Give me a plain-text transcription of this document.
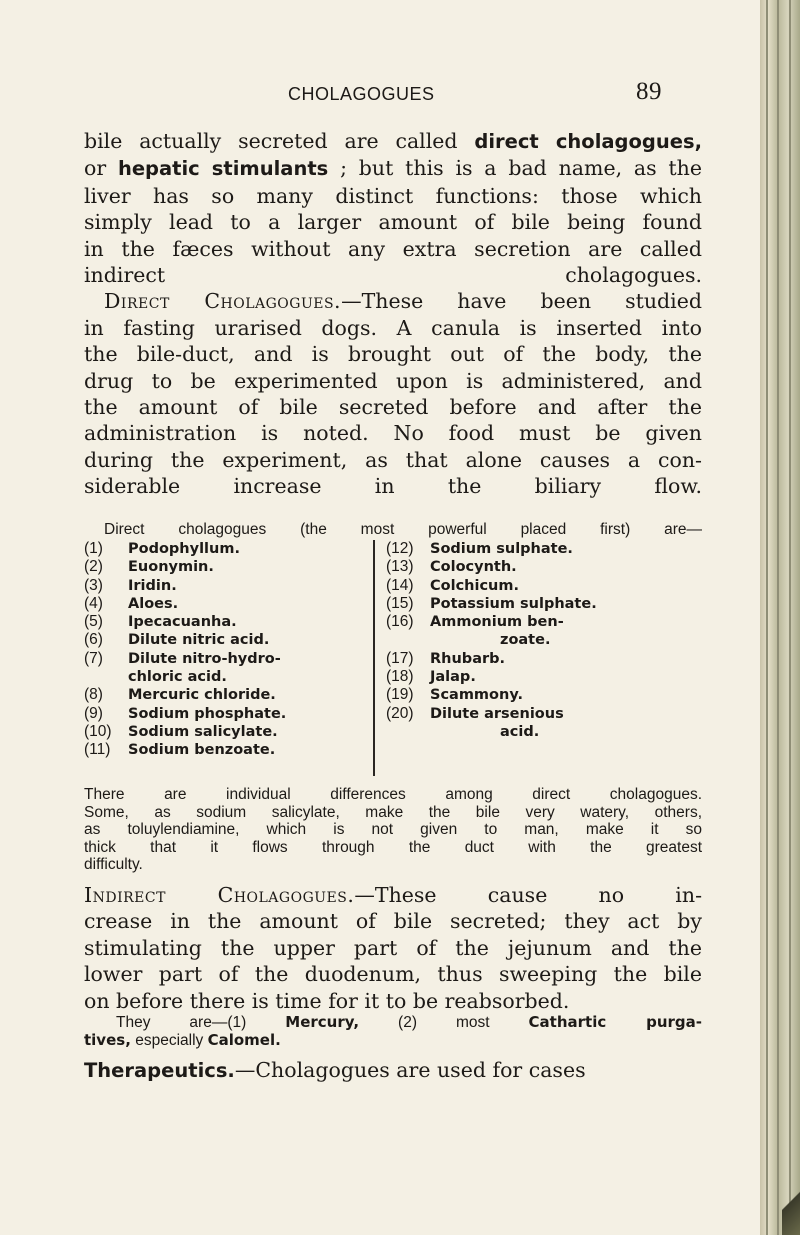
CHOLAGOGUES	89
bile actually secreted are called direct cholagogues,
or hepatic stimulants ; but this is a bad name, as the
liver has so many distinct functions: those which
simply lead to a larger amount of bile being found
in the fæces without any extra secretion are called
indirect cholagogues.
Direct Cholagogues.—These have been studied
in fasting urarised dogs. A canula is inserted into
the bile-duct, and is brought out of the body, the
drug to be experimented upon is administered, and
the amount of bile secreted before and after the
administration is noted. No food must be given
during the experiment, as that alone causes a con-
siderable increase in the biliary flow.

Direct cholagogues (the most powerful placed first) are—

(1) Podophyllum.
(2) Euonymin.
(3) Iridin.
(4) Aloes.
(5) Ipecacuanha.
(6) Dilute nitric acid.
(7) Dilute nitro-hydro-
chloric acid.
(8) Mercuric chloride.
(9) Sodium phosphate.
(10) Sodium salicylate.
(11) Sodium benzoate.
(12) Sodium sulphate.
(13) Colocynth.
(14) Colchicum.
(15) Potassium sulphate.
(16) Ammonium ben-
zoate.
(17) Rhubarb.
(18) Jalap.
(19) Scammony.
(20) Dilute arsenious
acid.
There are individual differences among direct cholagogues.
Some, as sodium salicylate, make the bile very watery, others,
as toluylendiamine, which is not given to man, make it so
thick that it flows through the duct with the greatest
difficulty.
Indirect Cholagogues.—These cause no in-
crease in the amount of bile secreted; they act by
stimulating the upper part of the jejunum and the
lower part of the duodenum, thus sweeping the bile
on before there is time for it to be reabsorbed.
They are—(1)	Mercury,	(2) most	Cathartic purga-
tives, especially Calomel.

Therapeutics.—Cholagogues are used for cases
